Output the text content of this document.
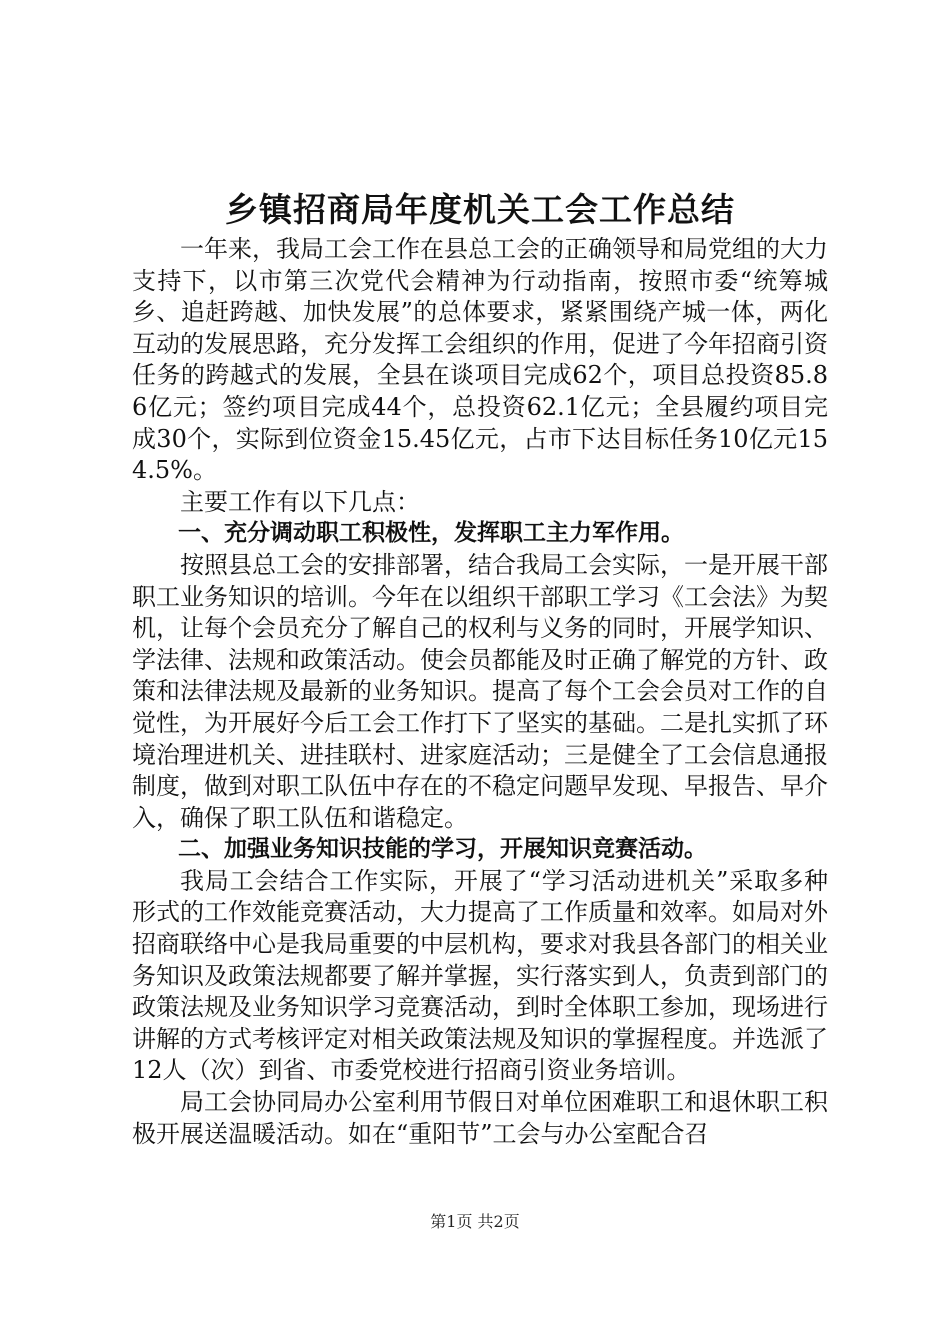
乡镇招商局年度机关工会工作总结

一年来，我局工会工作在县总工会的正确领导和局党组的大力支持下，以市第三次党代会精神为行动指南，按照市委“统筹城乡、追赶跨越、加快发展”的总体要求，紧紧围绕产城一体，两化互动的发展思路，充分发挥工会组织的作用，促进了今年招商引资任务的跨越式的发展，全县在谈项目完成62个，项目总投资85.86亿元；签约项目完成44个，总投资62.1亿元；全县履约项目完成30个，实际到位资金15.45亿元，占市下达目标任务10亿元154.5%。

主要工作有以下几点：

一、充分调动职工积极性，发挥职工主力军作用。

按照县总工会的安排部署，结合我局工会实际，一是开展干部职工业务知识的培训。今年在以组织干部职工学习《工会法》为契机，让每个会员充分了解自己的权利与义务的同时，开展学知识、学法律、法规和政策活动。使会员都能及时正确了解党的方针、政策和法律法规及最新的业务知识。提高了每个工会会员对工作的自觉性，为开展好今后工会工作打下了坚实的基础。二是扎实抓了环境治理进机关、进挂联村、进家庭活动；三是健全了工会信息通报制度，做到对职工队伍中存在的不稳定问题早发现、早报告、早介入，确保了职工队伍和谐稳定。

二、加强业务知识技能的学习，开展知识竞赛活动。

我局工会结合工作实际，开展了“学习活动进机关”采取多种形式的工作效能竞赛活动，大力提高了工作质量和效率。如局对外招商联络中心是我局重要的中层机构，要求对我县各部门的相关业务知识及政策法规都要了解并掌握，实行落实到人，负责到部门的政策法规及业务知识学习竞赛活动，到时全体职工参加，现场进行讲解的方式考核评定对相关政策法规及知识的掌握程度。并选派了12人（次）到省、市委党校进行招商引资业务培训。

局工会协同局办公室利用节假日对单位困难职工和退休职工积极开展送温暖活动。如在“重阳节”工会与办公室配合召

第1页 共2页
